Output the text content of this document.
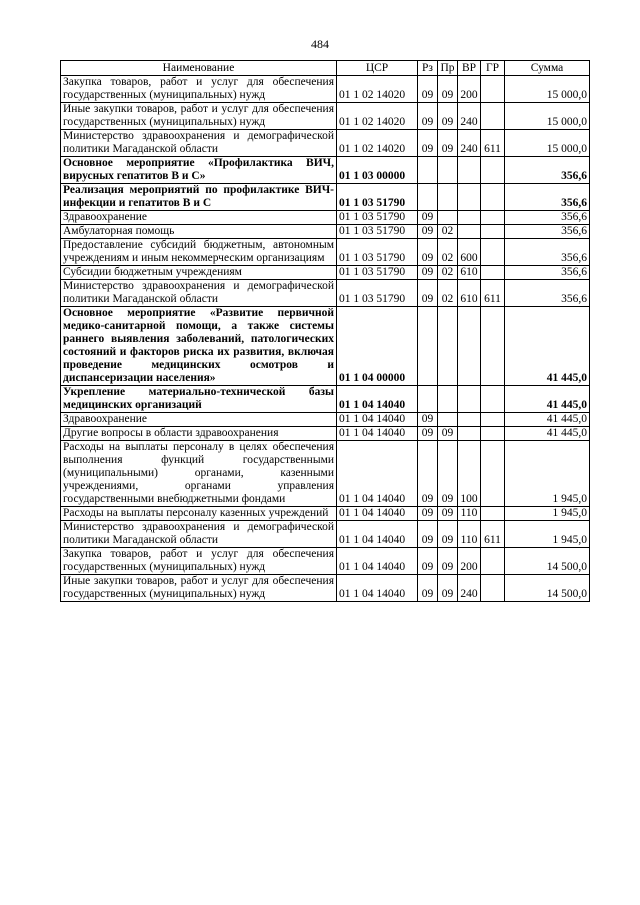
484
Наименование	ЦСР	Рз	Пр	ВР	ГР	Сумма
Закупка товаров, работ и услуг для обеспечения государственных (муниципальных) нужд	01 1 02 14020	09	09	200		15 000,0
Иные закупки товаров, работ и услуг для обеспечения государственных (муниципальных) нужд	01 1 02 14020	09	09	240		15 000,0
Министерство здравоохранения и демографической политики Магаданской области	01 1 02 14020	09	09	240	611	15 000,0
Основное мероприятие «Профилактика ВИЧ, вирусных гепатитов В и С»	01 1 03 00000					356,6
Реализация мероприятий по профилактике ВИЧ-инфекции и гепатитов В и С	01 1 03 51790					356,6
Здравоохранение	01 1 03 51790	09				356,6
Амбулаторная помощь	01 1 03 51790	09	02			356,6
Предоставление субсидий бюджетным, автономным учреждениям и иным некоммерческим организациям	01 1 03 51790	09	02	600		356,6
Субсидии бюджетным учреждениям	01 1 03 51790	09	02	610		356,6
Министерство здравоохранения и демографической политики Магаданской области	01 1 03 51790	09	02	610	611	356,6
Основное мероприятие «Развитие первичной медико-санитарной помощи, а также системы раннего выявления заболеваний, патологических состояний и факторов риска их развития, включая проведение медицинских осмотров и диспансеризации населения»	01 1 04 00000					41 445,0
Укрепление материально-технической базы медицинских организаций	01 1 04 14040					41 445,0
Здравоохранение	01 1 04 14040	09				41 445,0
Другие вопросы в области здравоохранения	01 1 04 14040	09	09			41 445,0
Расходы на выплаты персоналу в целях обеспечения выполнения функций государственными (муниципальными) органами, казенными учреждениями, органами управления государственными внебюджетными фондами	01 1 04 14040	09	09	100		1 945,0
Расходы на выплаты персоналу казенных учреждений	01 1 04 14040	09	09	110		1 945,0
Министерство здравоохранения и демографической политики Магаданской области	01 1 04 14040	09	09	110	611	1 945,0
Закупка товаров, работ и услуг для обеспечения государственных (муниципальных) нужд	01 1 04 14040	09	09	200		14 500,0
Иные закупки товаров, работ и услуг для обеспечения государственных (муниципальных) нужд	01 1 04 14040	09	09	240		14 500,0
